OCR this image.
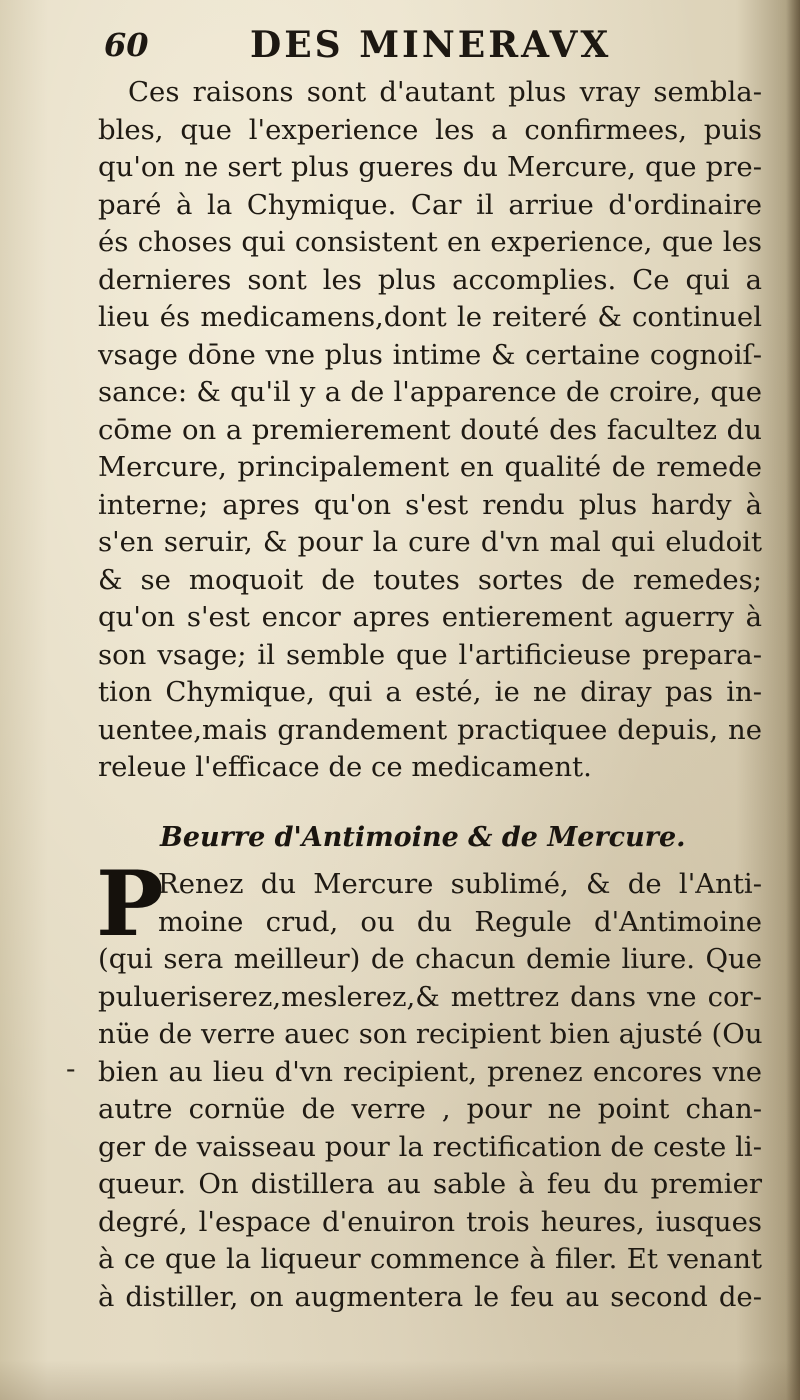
60	DES MINERAVX
Ces raisons sont d'autant plus vray sembla-
bles, que l'experience les a confirmees, puis
qu'on ne sert plus gueres du Mercure, que pre-
paré à la Chymique. Car il arriue d'ordinaire
és choses qui consistent en experience, que les
dernieres sont les plus accomplies. Ce qui a
lieu és medicamens,dont le reiteré & continuel
vsage dōne vne plus intime & certaine cognoiſ-
sance: & qu'il y a de l'apparence de croire, que
cōme on a premierement douté des facultez du
Mercure, principalement en qualité de remede
interne; apres qu'on s'est rendu plus hardy à
s'en seruir, & pour la cure d'vn mal qui eludoit
& se moquoit de toutes sortes de remedes;
qu'on s'est encor apres entierement aguerry à
son vsage; il semble que l'artificieuse prepara-
tion Chymique, qui a esté, ie ne diray pas in-
uentee,mais grandement practiquee depuis, ne
releue l'efficace de ce medicament.
Beurre d'Antimoine & de Mercure.
P
-
Renez du Mercure sublimé, & de l'Anti-
moine crud, ou du Regule d'Antimoine
(qui sera meilleur) de chacun demie liure. Que
pulueriserez,meslerez,& mettrez dans vne cor-
nüe de verre auec son recipient bien ajusté (Ou
bien au lieu d'vn recipient, prenez encores vne
autre cornüe de verre , pour ne point chan-
ger de vaisseau pour la rectification de ceste li-
queur. On distillera au sable à feu du premier
degré, l'espace d'enuiron trois heures, iusques
à ce que la liqueur commence à filer. Et venant
à distiller, on augmentera le feu au second de-
